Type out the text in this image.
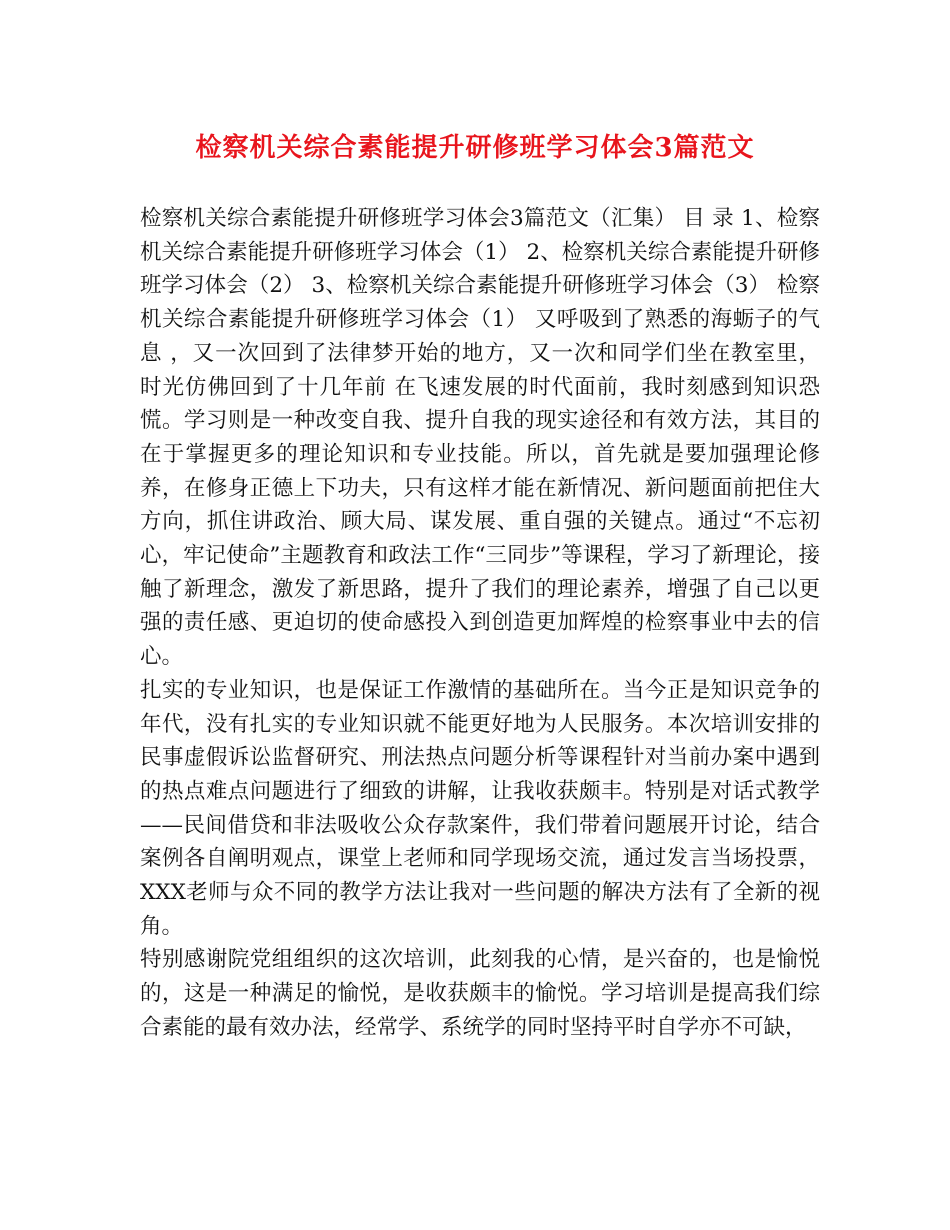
检察机关综合素能提升研修班学习体会3篇范文

检察机关综合素能提升研修班学习体会3篇范文（汇集） 目 录 1、检察机关综合素能提升研修班学习体会（1） 2、检察机关综合素能提升研修班学习体会（2） 3、检察机关综合素能提升研修班学习体会（3） 检察机关综合素能提升研修班学习体会（1） 又呼吸到了熟悉的海蛎子的气息 ，又一次回到了法律梦开始的地方，又一次和同学们坐在教室里， 时光仿佛回到了十几年前 在飞速发展的时代面前，我时刻感到知识恐慌。学习则是一种改变自我、提升自我的现实途径和有效方法，其目的在于掌握更多的理论知识和专业技能。所以，首先就是要加强理论修养，在修身正德上下功夫，只有这样才能在新情况、新问题面前把住大方向，抓住讲政治、顾大局、谋发展、重自强的关键点。通过“不忘初心，牢记使命”主题教育和政法工作“三同步”等课程，学习了新理论，接触了新理念，激发了新思路，提升了我们的理论素养，增强了自己以更强的责任感、更迫切的使命感投入到创造更加辉煌的检察事业中去的信心。

扎实的专业知识，也是保证工作激情的基础所在。当今正是知识竞争的年代，没有扎实的专业知识就不能更好地为人民服务。本次培训安排的民事虚假诉讼监督研究、刑法热点问题分析等课程针对当前办案中遇到的热点难点问题进行了细致的讲解，让我收获颇丰。特别是对话式教学——民间借贷和非法吸收公众存款案件，我们带着问题展开讨论，结合案例各自阐明观点，课堂上老师和同学现场交流，通过发言当场投票，XXX老师与众不同的教学方法让我对一些问题的解决方法有了全新的视角。

特别感谢院党组组织的这次培训，此刻我的心情，是兴奋的，也是愉悦的，这是一种满足的愉悦，是收获颇丰的愉悦。学习培训是提高我们综合素能的最有效办法，经常学、系统学的同时坚持平时自学亦不可缺，
